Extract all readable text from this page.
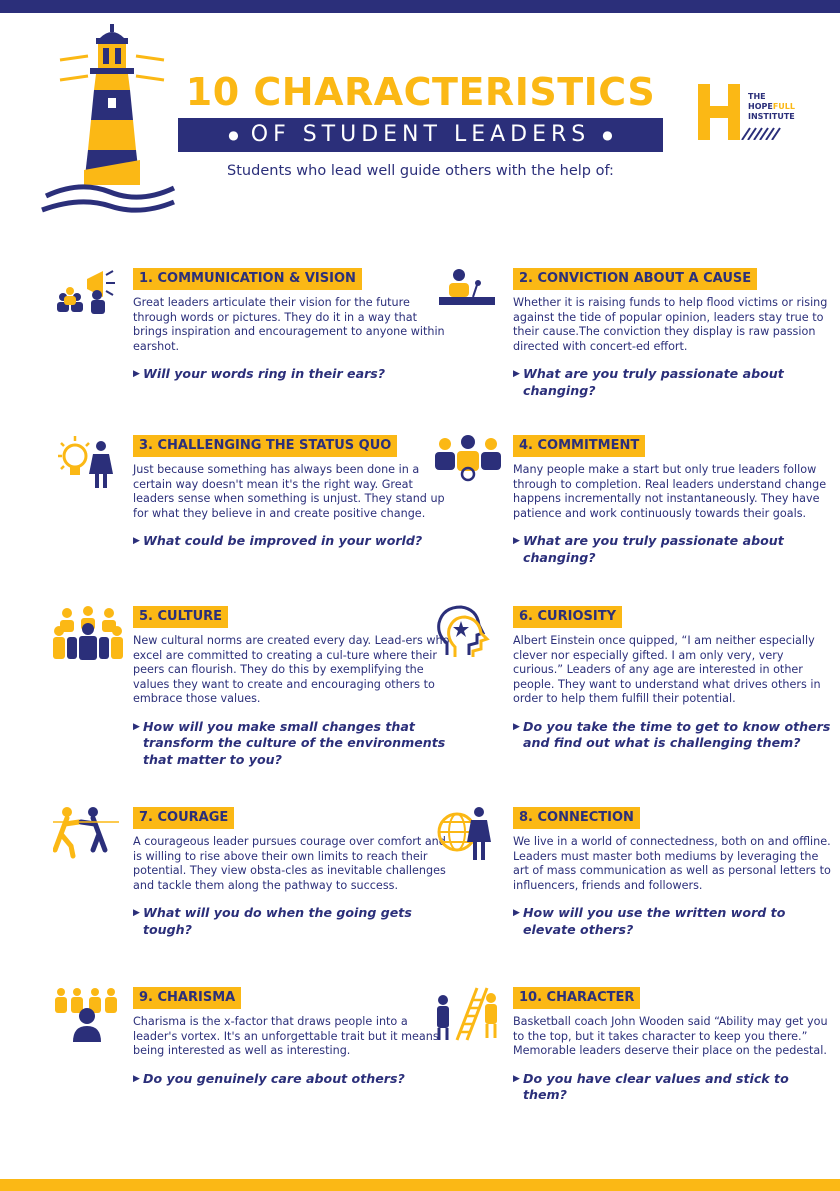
10 CHARACTERISTICS
● OF STUDENT LEADERS ●
Students who lead well guide others with the help of:
THE
HOPEFULL
INSTITUTE
1. COMMUNICATION & VISION
Great leaders articulate their vision for the future through words or pictures. They do it in a way that brings inspiration and encouragement to anyone within earshot.
▶ Will your words ring in their ears?
2. CONVICTION ABOUT A CAUSE
Whether it is raising funds to help flood victims or rising against the tide of popular opinion, leaders stay true to their cause.The conviction they display is raw passion directed with concert-ed effort.
▶ What are you truly passionate about changing?
3. CHALLENGING THE STATUS QUO
Just because something has always been done in a certain way doesn't mean it's the right way. Great leaders sense when something is unjust. They stand up for what they believe in and create positive change.
▶ What could be improved in your world?
4. COMMITMENT
Many people make a start but only true leaders follow through to completion. Real leaders understand change happens incrementally not instantaneously. They have patience and work continuously towards their goals.
▶ What are you truly passionate about changing?
5. CULTURE
New cultural norms are created every day. Lead-ers who excel are committed to creating a cul-ture where their peers can flourish. They do this by exemplifying the values they want to create and encouraging others to embrace those values.
▶ How will you make small changes that transform the culture of the environments that matter to you?
6. CURIOSITY
Albert Einstein once quipped, “I am neither especially clever nor especially gifted. I am only very, very curious.” Leaders of any age are interested in other people. They want to understand what drives others in order to help them fulfill their potential.
▶ Do you take the time to get to know others and find out what is challenging them?
7. COURAGE
A courageous leader pursues courage over comfort and is willing to rise above their own limits to reach their potential. They view obsta-cles as inevitable challenges and tackle them along the pathway to success.
▶ What will you do when the going gets tough?
8. CONNECTION
We live in a world of connectedness, both on and offline. Leaders must master both mediums by leveraging the art of mass communication as well as personal letters to influencers, friends and followers.
▶ How will you use the written word to elevate others?
9. CHARISMA
Charisma is the x-factor that draws people into a leader's vortex. It's an unforgettable trait but it means being interested as well as interesting.
▶ Do you genuinely care about others?
10. CHARACTER
Basketball coach John Wooden said “Ability may get you to the top, but it takes character to keep you there.” Memorable leaders deserve their place on the pedestal.
▶ Do you have clear values and stick to them?
